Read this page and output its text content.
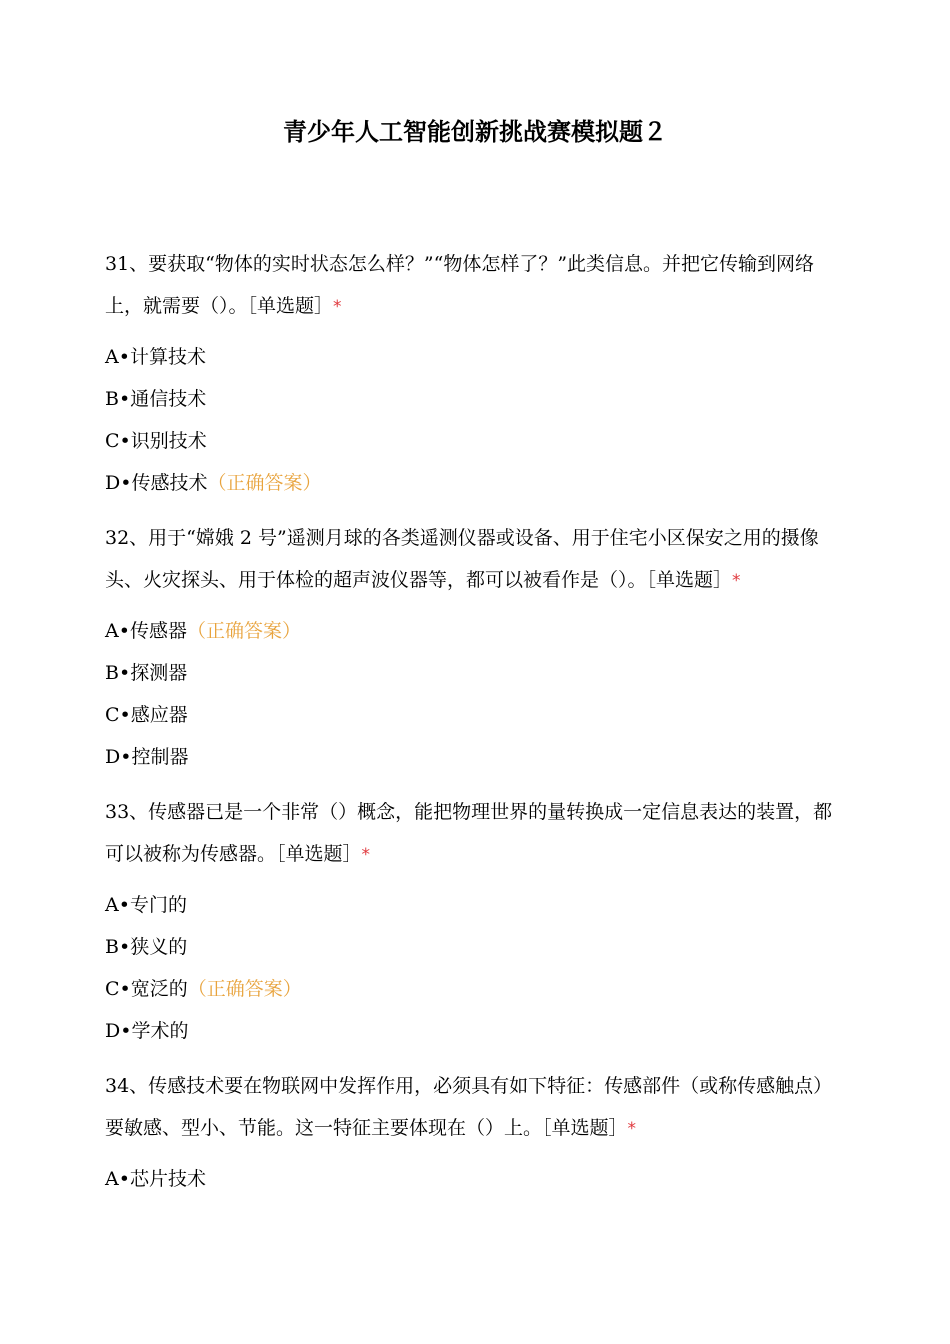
青少年人工智能创新挑战赛模拟题２

31、要获取“物体的实时状态怎么样？”“物体怎样了？”此类信息。并把它传输到网络上，就需要（）。［单选题］*

A•计算技术
B•通信技术
C•识别技术
D•传感技术（正确答案）

32、用于“嫦娥 2 号”遥测月球的各类遥测仪器或设备、用于住宅小区保安之用的摄像头、火灾探头、用于体检的超声波仪器等，都可以被看作是（）。［单选题］*

A•传感器（正确答案）
B•探测器
C•感应器
D•控制器

33、传感器已是一个非常（）概念，能把物理世界的量转换成一定信息表达的装置，都可以被称为传感器。［单选题］*

A•专门的
B•狭义的
C•宽泛的（正确答案）
D•学术的

34、传感技术要在物联网中发挥作用，必须具有如下特征：传感部件（或称传感触点）要敏感、型小、节能。这一特征主要体现在（）上。［单选题］*

A•芯片技术
